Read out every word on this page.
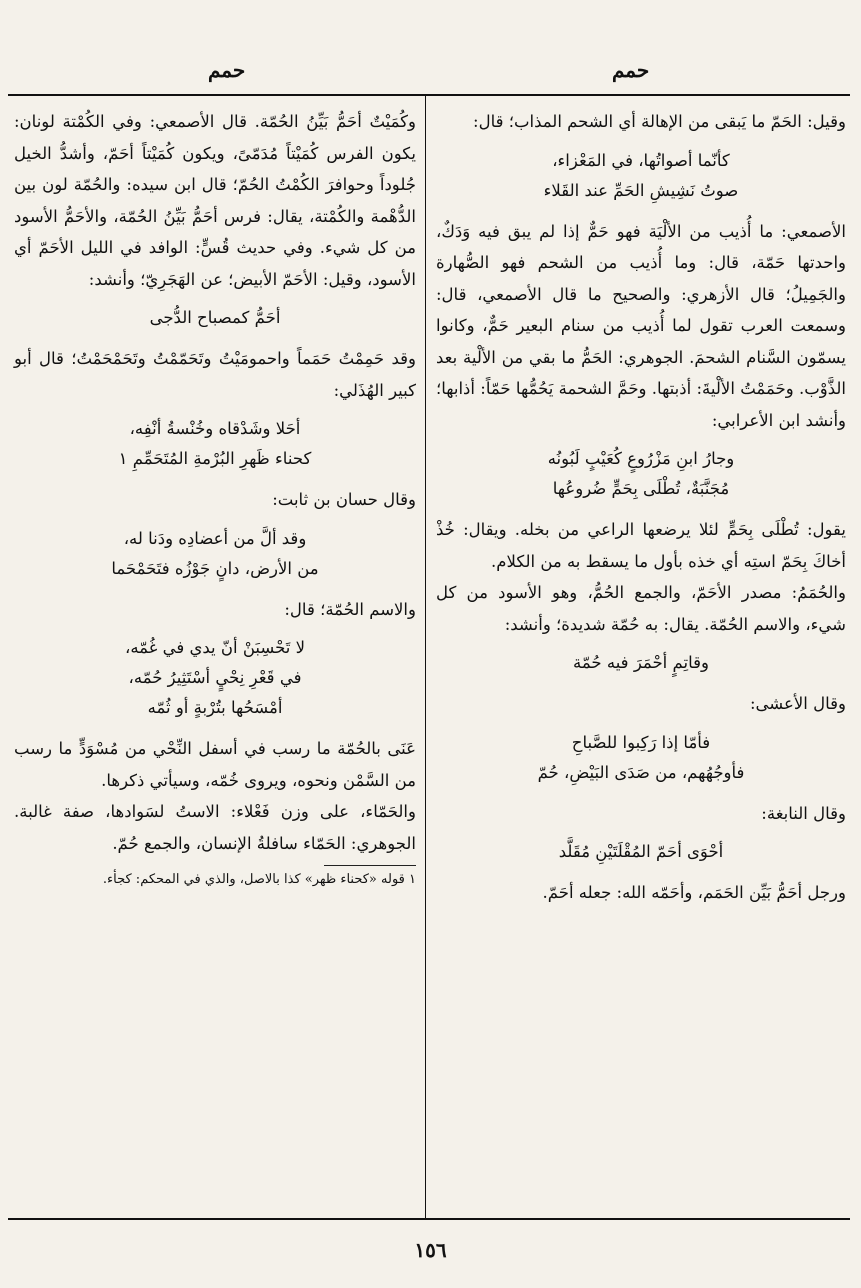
حمم
حمم

وقيل: الحَمّ ما يَبقى من الإهالة أي الشحم المذاب؛ قال:

كأنّما أصواتُها، في المَعْزاء،
صوتُ نَشِيشِ الحَمِّ عند القَلاء

الأصمعي: ما أُذيب من الألْيَة فهو حَمٌّ إذا لم يبق فيه وَدَكٌ، واحدتها حَمّة، قال: وما أُذيب من الشحم فهو الصُّهارة والجَمِيلُ؛ قال الأزهري: والصحيح ما قال الأصمعي، قال: وسمعت العرب تقول لما أُذيب من سنام البعير حَمٌّ، وكانوا يسمّون السَّنام الشحمَ. الجوهري: الحَمُّ ما بقي من الألْية بعد الذَّوْب. وحَمَمْتُ الألْيةَ: أذبتها. وحَمَّ الشحمة يَحُمُّها حَمّاً: أذابها؛ وأنشد ابن الأعرابي:

وجارُ ابنِ مَزْرُوعٍ كُعَيْبٍ لَبُونُه
مُجَنَّبَةٌ، تُطْلَى بِحَمٍّ ضُروعُها

يقول: تُطْلَى بِحَمٍّ لئلا يرضعها الراعي من بخله. ويقال: خُذْ أخاكَ بِحَمّ استِه أي خذه بأول ما يسقط به من الكلام.

والحُمَمُ: مصدر الأحَمّ، والجمع الحُمُّ، وهو الأسود من كل شيء، والاسم الحُمّة. يقال: به حُمّة شديدة؛ وأنشد:

وقاتِمٍ أحْمَرَ فيه حُمّة

وقال الأعشى:

فأمّا إذا رَكِبوا للصَّباحِ
فأوجُهُهم، من صَدَى البَيْضِ، حُمّ

وقال النابغة:

أحْوَى أحَمّ المُقْلَتَيْنِ مُقَلَّد

ورجل أحَمُّ بَيِّن الحَمَم، وأحَمّه الله: جعله أحَمّ.

وكُمَيْتٌ أحَمُّ بَيِّنُ الحُمّة. قال الأصمعي: وفي الكُمْتة لونان: يكون الفرس كُمَيْتاً مُدَمّىً، ويكون كُمَيْتاً أحَمّ، وأشدُّ الخيل جُلوداً وحوافرَ الكُمْتُ الحُمّ؛ قال ابن سيده: والحُمّة لون بين الدُّهْمة والكُمْتة، يقال: فرس أحَمُّ بَيِّنُ الحُمّة، والأحَمُّ الأسود من كل شيء. وفي حديث قُسٍّ: الوافد في الليل الأحَمّ أي الأسود، وقيل: الأحَمّ الأبيض؛ عن الهَجَرِيّ؛ وأنشد:

أحَمُّ كمصباح الدُّجى

وقد حَمِمْتُ حَمَماً واحمومَيْتُ وتَحَمّمْتُ وتَحَمْحَمْتُ؛ قال أبو كبير الهُذَلي:

أحَلا وشَدْقاه وخُنْسةُ أنْفِه،
كحناء ظَهرِ البُرْمةِ المُتَحَمِّمِ ١

وقال حسان بن ثابت:

وقد ألَّ من أعضادِه ودَنا له،
من الأرض، دانٍ جَوْزُه فتَحَمْحَما

والاسم الحُمّة؛ قال:

لا تَحْسِبَنْ أنّ يدي في غُمّه،
في قَعْرِ نِحْيٍ أسْتَثِيرُ حُمّه،
أمْسَحُها بتُرْبةٍ أو ثُمّه

عَنَى بالحُمّة ما رسب في أسفل النِّحْي من مُسْوَدٍّ ما رسب من السَّمْن ونحوه، ويروى خُمّه، وسيأتي ذكرها.

والحَمّاء، على وزن فَعْلاء: الاستُ لسَوادها، صفة غالبة. الجوهري: الحَمّاء سافلةُ الإنسان، والجمع حُمّ.

١ قوله «كحناء ظهر» كذا بالاصل، والذي في المحكم: كجأء.
١٥٦
